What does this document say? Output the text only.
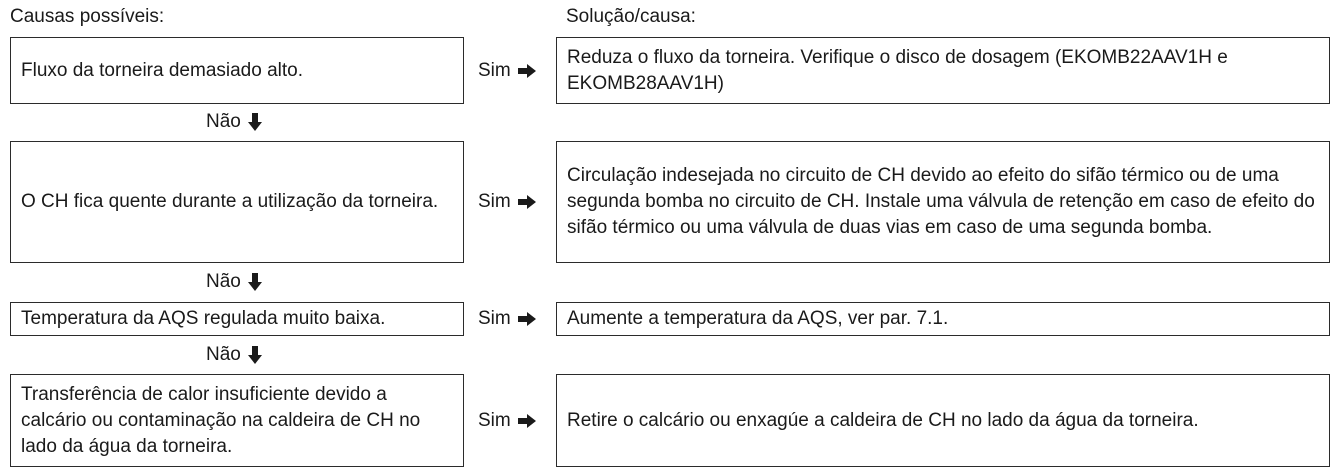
Causas possíveis:	Solução/causa:
Fluxo da torneira demasiado alto.	Sim
Reduza o fluxo da torneira. Verifique o disco de dosagem (EKOMB22AAV1H e EKOMB28AAV1H)
Não
O CH fica quente durante a utilização da torneira. Sim
Circulação indesejada no circuito de CH devido ao efeito do sifão térmico ou de uma segunda bomba no circuito de CH. Instale uma válvula de retenção em caso de efeito do sifão térmico ou uma válvula de duas vias em caso de uma segunda bomba.
Não
Temperatura da AQS regulada muito baixa.	Sim	Aumente a temperatura da AQS, ver par. 7.1.
Não
Transferência de calor insuficiente devido a calcário ou contaminação na caldeira de CH no lado da água da torneira.
Sim	Retire o calcário ou enxagúe a caldeira de CH no lado da água da torneira.
